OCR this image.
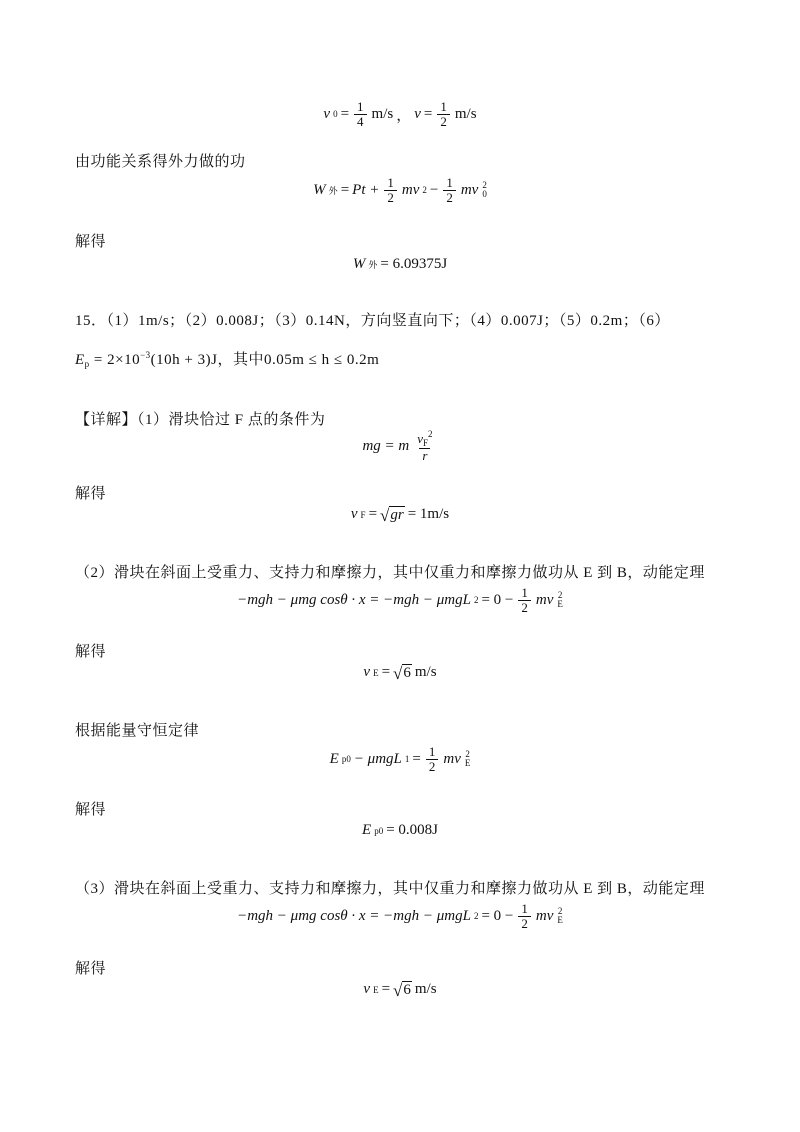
v $0 = \frac{1}{4} m/s$ ， $v = \frac{1}{2} m/s$
由功能关系得外力做的功
W 外 = $Pt + \frac{1}{2}$ mv $2 - \frac{1}{2}$ mv 2
0
解得
W 外 = 6.09375J
15．（1）1m/s；（2）0.008J；（3）0.14N，方向竖直向下；（4）0.007J；（5）0.2m；（6）
$E_p = 2\times 10^{-3}(10h + 3)J$，其中0.05m ≤ h ≤ 0.2m
【详解】（1）滑块恰过 F 点的条件为
mg = m $\frac{v_F^2}{r}$
解得
v F = √ gr = 1m/s
（2）滑块在斜面上受重力、支持力和摩擦力，其中仅重力和摩擦力做功从 E 到 B，动能定理
−mgh − μmg cosθ · x = −mgh − μmgL $2 = 0 - \frac{1}{2}$ mv 2
E
解得
v E = √ 6 m/s
根据能量守恒定律
E p0 − μmgL $1 = \frac{1}{2}$ mv 2
E
解得
E p0 = 0.008J
（3）滑块在斜面上受重力、支持力和摩擦力，其中仅重力和摩擦力做功从 E 到 B，动能定理
−mgh − μmg cosθ · x = −mgh − μmgL $2 = 0 - \frac{1}{2}$ mv 2
E
解得
v E = √ 6 m/s
